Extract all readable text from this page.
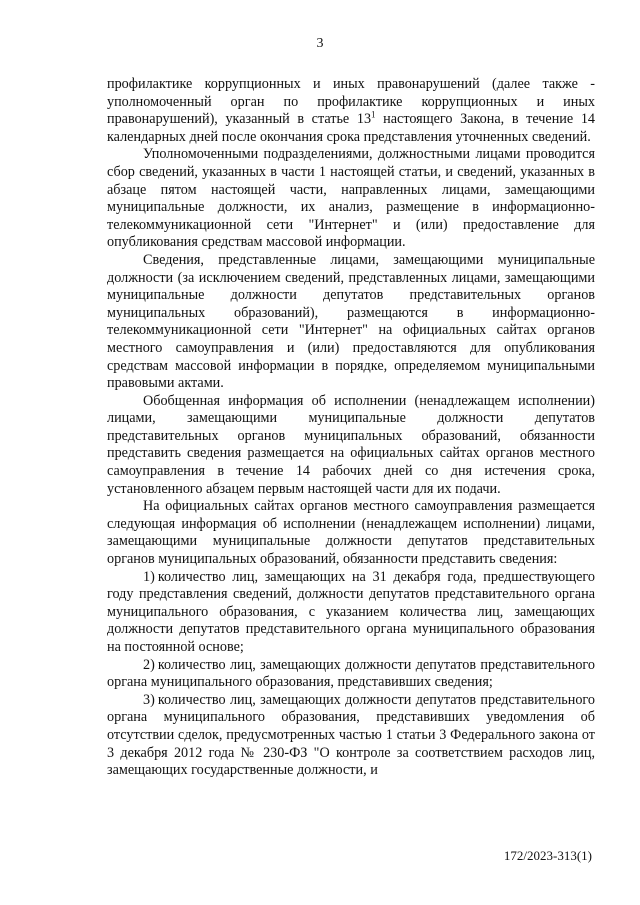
3

профилактике коррупционных и иных правонарушений (далее также - уполномоченный орган по профилактике коррупционных и иных правонарушений), указанный в статье $13^1$ настоящего Закона, в течение 14 календарных дней после окончания срока представления уточненных сведений.

Уполномоченными подразделениями, должностными лицами проводится сбор сведений, указанных в части 1 настоящей статьи, и сведений, указанных в абзаце пятом настоящей части, направленных лицами, замещающими муниципальные должности, их анализ, размещение в информационно-телекоммуникационной сети "Интернет" и (или) предоставление для опубликования средствам массовой информации.

Сведения, представленные лицами, замещающими муниципальные должности (за исключением сведений, представленных лицами, замещающими муниципальные должности депутатов представительных органов муниципальных образований), размещаются в информационно-телекоммуникационной сети "Интернет" на официальных сайтах органов местного самоуправления и (или) предоставляются для опубликования средствам массовой информации в порядке, определяемом муниципальными правовыми актами.

Обобщенная информация об исполнении (ненадлежащем исполнении) лицами, замещающими муниципальные должности депутатов представительных органов муниципальных образований, обязанности представить сведения размещается на официальных сайтах органов местного самоуправления в течение 14 рабочих дней со дня истечения срока, установленного абзацем первым настоящей части для их подачи.

На официальных сайтах органов местного самоуправления размещается следующая информация об исполнении (ненадлежащем исполнении) лицами, замещающими муниципальные должности депутатов представительных органов муниципальных образований, обязанности представить сведения:

1) количество лиц, замещающих на 31 декабря года, предшествующего году представления сведений, должности депутатов представительного органа муниципального образования, с указанием количества лиц, замещающих должности депутатов представительного органа муниципального образования на постоянной основе;

2) количество лиц, замещающих должности депутатов представительного органа муниципального образования, представивших сведения;

3) количество лиц, замещающих должности депутатов представительного органа муниципального образования, представивших уведомления об отсутствии сделок, предусмотренных частью 1 статьи 3 Федерального закона от 3 декабря 2012 года № 230-ФЗ "О контроле за соответствием расходов лиц, замещающих государственные должности, и

172/2023-313(1)
